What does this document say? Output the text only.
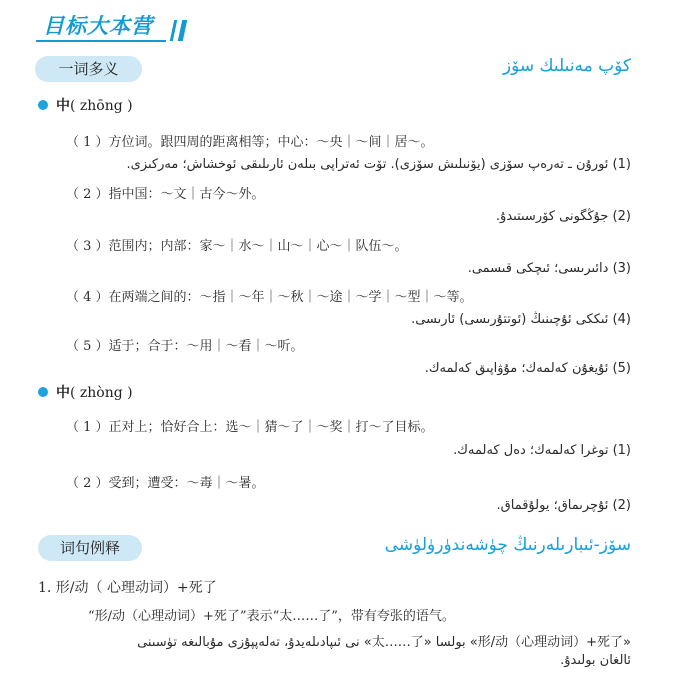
目标大本营
一词多义	كۆپ مەنىلىك سۆز
中( zhōng )
（ 1 ）方位词。跟四周的距离相等；中心：～央｜～间｜居～。
(1) ئورۇن ـ تەرەپ سۆزى (يۆنىلىش سۆزى). تۆت ئەتراپى بىلەن ئارىلىقى ئوخشاش؛ مەركىزى.
（ 2 ）指中国：～文｜古今～外。
(2) جۇڭگونى كۆرسىتىدۇ.
（ 3 ）范围内；内部：家～｜水～｜山～｜心～｜队伍～。
(3) دائىرىسى؛ ئىچكى قىسمى.
（ 4 ）在两端之间的：～指｜～年｜～秋｜～途｜～学｜～型｜～等。
(4) ئىككى ئۇچىنىڭ (ئوتتۇرىسى) ئارىسى.
（ 5 ）适于；合于：～用｜～看｜～听。
(5) ئۇيغۇن كەلمەك؛ مۇۋاپىق كەلمەك.
中( zhòng )
（ 1 ）正对上；恰好合上：选～｜猜～了｜～奖｜打～了目标。
(1) توغرا كەلمەك؛ دەل كەلمەك.
（ 2 ）受到；遭受：～毒｜～暑。
(2) ئۇچرىماق؛ يولۇقماق.
词句例释	سۆز-ئىبارىلەرنىڭ چۈشەندۈرۈلۈشى
1. 形/动（ 心理动词）+死了
“形/动（心理动词）+死了”表示“太……了”，带有夸张的语气。
«形/动（心理动词）+死了» بولسا «太……了» نى ئىپادىلەيدۇ، تەلەپپۇزى مۇبالىغە تۈسىنى
ئالغان بولىدۇ.
